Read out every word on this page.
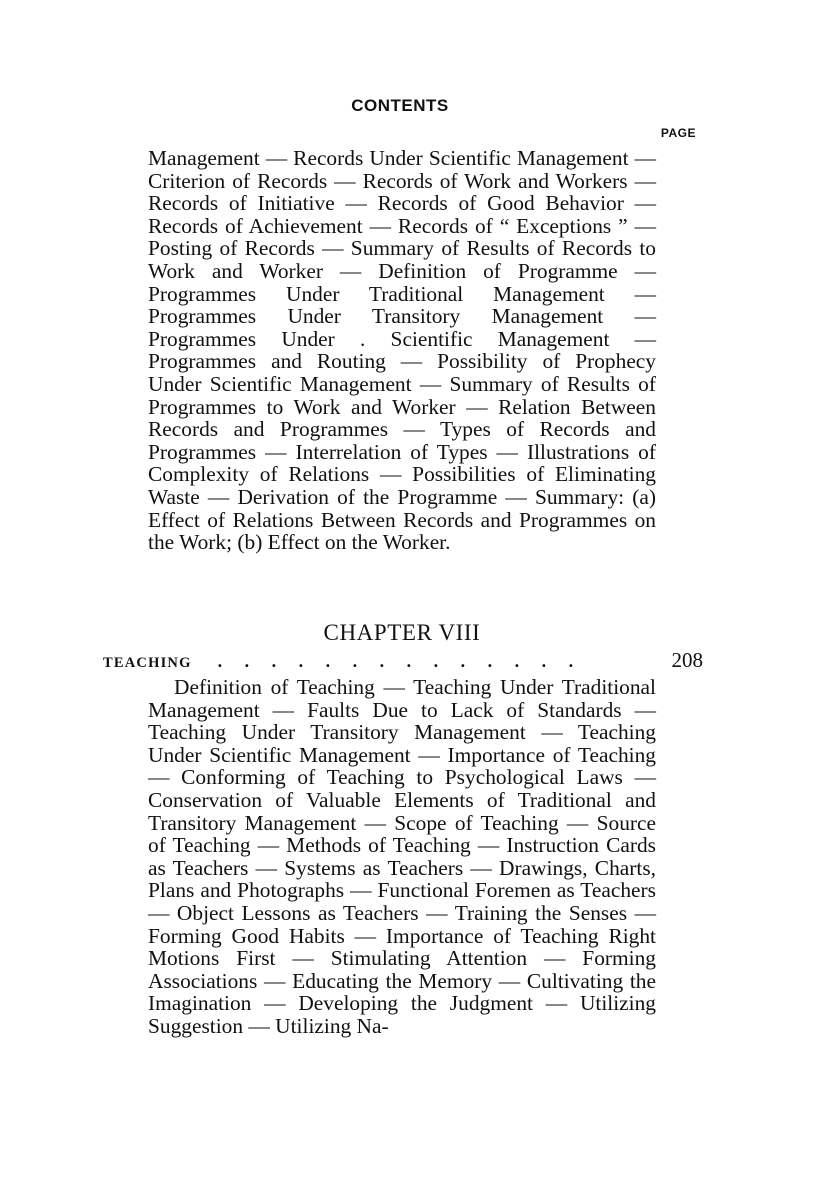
CONTENTS
PAGE

Management — Records Under Scientific Management — Criterion of Records — Records of Work and Workers — Records of Initiative — Records of Good Behavior — Records of Achievement — Records of “ Exceptions ” — Posting of Records — Summary of Results of Records to Work and Worker — Definition of Programme — Programmes Under Traditional Management — Programmes Under Transitory Management — Programmes Under . Scientific Management — Programmes and Routing — Possibility of Prophecy Under Scientific Management — Summary of Results of Programmes to Work and Worker — Relation Between Records and Programmes — Types of Records and Programmes — Interrelation of Types — Illustrations of Complexity of Relations — Possibilities of Eliminating Waste — Derivation of the Programme — Summary: (a) Effect of Relations Between Records and Programmes on the Work; (b) Effect on the Worker.

CHAPTER VIII
TEACHING . . . . . . . . . . . . . .	208

Definition of Teaching — Teaching Under Traditional Management — Faults Due to Lack of Standards — Teaching Under Transitory Management — Teaching Under Scientific Management — Importance of Teaching — Conforming of Teaching to Psychological Laws — Conservation of Valuable Elements of Traditional and Transitory Management — Scope of Teaching — Source of Teaching — Methods of Teaching — Instruction Cards as Teachers — Systems as Teachers — Drawings, Charts, Plans and Photographs — Functional Foremen as Teachers — Object Lessons as Teachers — Training the Senses — Forming Good Habits — Importance of Teaching Right Motions First — Stimulating Attention — Forming Associations — Educating the Memory — Cultivating the Imagination — Developing the Judgment — Utilizing Suggestion — Utilizing Na-
